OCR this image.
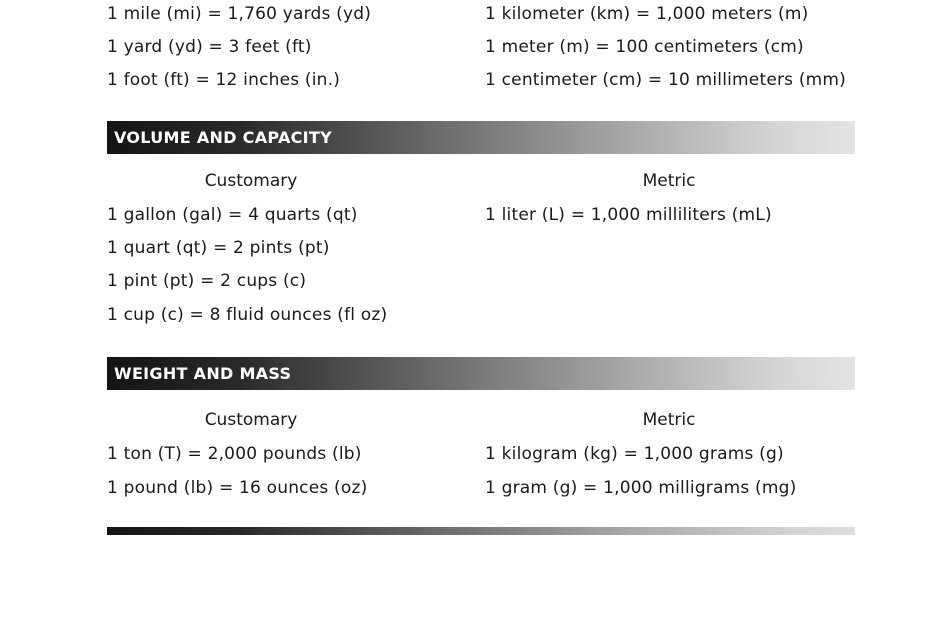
1 mile (mi) = 1,760 yards (yd)
1 yard (yd) = 3 feet (ft)
1 foot (ft) = 12 inches (in.)
1 kilometer (km) = 1,000 meters (m)
1 meter (m) = 100 centimeters (cm)
1 centimeter (cm) = 10 millimeters (mm)
VOLUME AND CAPACITY
Customary	Metric
1 gallon (gal) = 4 quarts (qt)
1 quart (qt) = 2 pints (pt)
1 pint (pt) = 2 cups (c)
1 cup (c) = 8 fluid ounces (fl oz)
1 liter (L) = 1,000 milliliters (mL)
WEIGHT AND MASS
Customary	Metric
1 ton (T) = 2,000 pounds (lb)
1 pound (lb) = 16 ounces (oz)
1 kilogram (kg) = 1,000 grams (g)
1 gram (g) = 1,000 milligrams (mg)
